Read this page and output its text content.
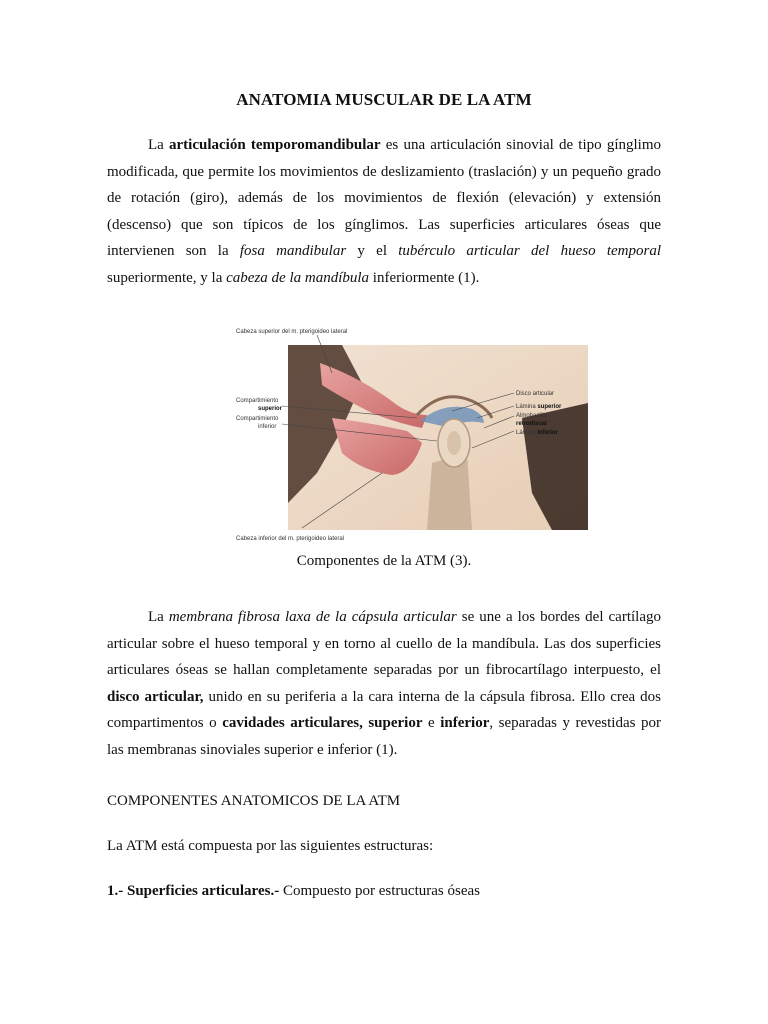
ANATOMIA MUSCULAR DE LA ATM

La articulación temporomandibular es una articulación sinovial de tipo gínglimo modificada, que permite los movimientos de deslizamiento (traslación) y un pequeño grado de rotación (giro), además de los movimientos de flexión (elevación) y extensión (descenso) que son típicos de los gínglimos. Las superficies articulares óseas que intervienen son la fosa mandibular y el tubérculo articular del hueso temporal superiormente, y la cabeza de la mandíbula inferiormente (1).

Cabeza superior del m. pterigoideo lateral
Compartimiento
superior
Compartimiento
inferior
Disco articular
Lámina superior
Almohadilla
retrodiscal
Lámina inferior
Cabeza inferior del m. pterigoideo lateral
Componentes de la ATM (3).

La membrana fibrosa laxa de la cápsula articular se une a los bordes del cartílago articular sobre el hueso temporal y en torno al cuello de la mandíbula. Las dos superficies articulares óseas se hallan completamente separadas por un fibrocartílago interpuesto, el disco articular, unido en su periferia a la cara interna de la cápsula fibrosa. Ello crea dos compartimentos o cavidades articulares, superior e inferior, separadas y revestidas por las membranas sinoviales superior e inferior (1).

COMPONENTES ANATOMICOS DE LA ATM
La ATM está compuesta por las siguientes estructuras:
1.- Superficies articulares.- Compuesto por estructuras óseas
